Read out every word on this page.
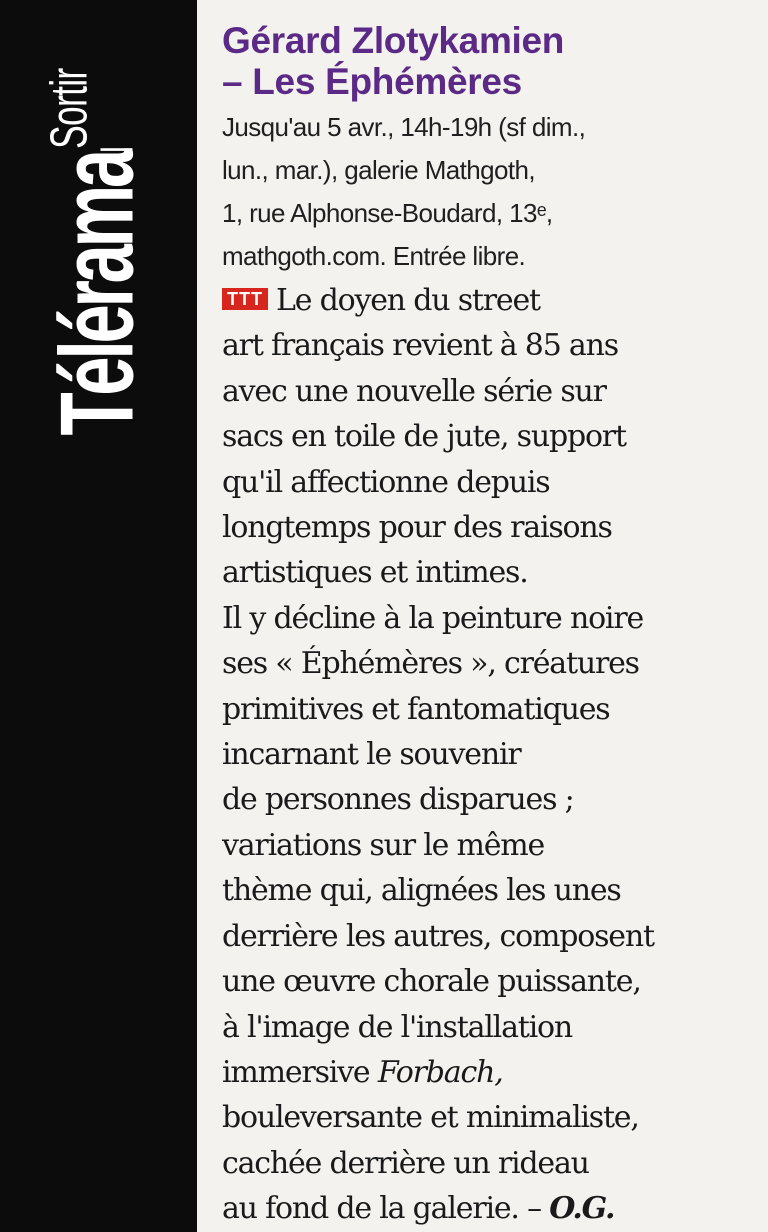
Télérama
I
Sortir
Gérard Zlotykamien
– Les Éphémères

Jusqu'au 5 avr., 14h-19h (sf dim.,
lun., mar.), galerie Mathgoth,
1, rue Alphonse-Boudard, 13ᵉ,
mathgoth.com. Entrée libre.

TTT Le doyen du street
art français revient à 85 ans
avec une nouvelle série sur
sacs en toile de jute, support
qu'il affectionne depuis
longtemps pour des raisons
artistiques et intimes.
Il y décline à la peinture noire
ses « Éphémères », créatures
primitives et fantomatiques
incarnant le souvenir
de personnes disparues ;
variations sur le même
thème qui, alignées les unes
derrière les autres, composent
une œuvre chorale puissante,
à l'image de l'installation
immersive Forbach,
bouleversante et minimaliste,
cachée derrière un rideau
au fond de la galerie. – O.G.
